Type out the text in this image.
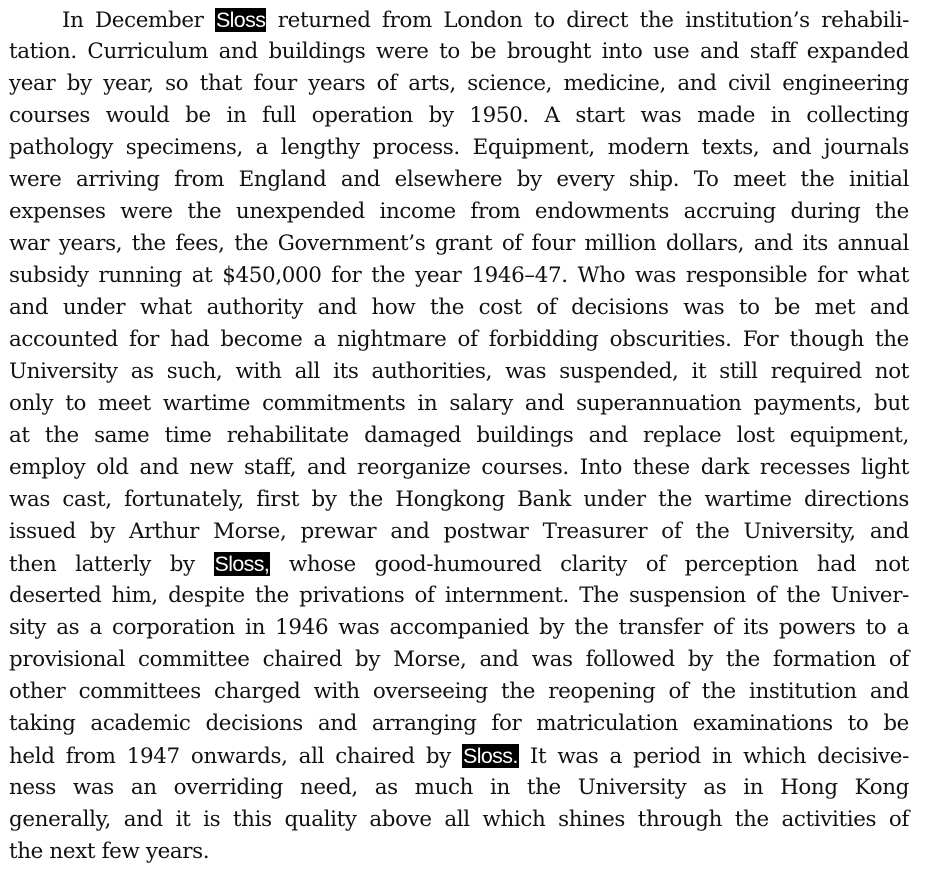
In December Sloss returned from London to direct the institution’s rehabili-
tation. Curriculum and buildings were to be brought into use and staff expanded
year by year, so that four years of arts, science, medicine, and civil engineering
courses would be in full operation by 1950. A start was made in collecting
pathology specimens, a lengthy process. Equipment, modern texts, and journals
were arriving from England and elsewhere by every ship. To meet the initial
expenses were the unexpended income from endowments accruing during the
war years, the fees, the Government’s grant of four million dollars, and its annual
subsidy running at $450,000 for the year 1946–47. Who was responsible for what
and under what authority and how the cost of decisions was to be met and
accounted for had become a nightmare of forbidding obscurities. For though the
University as such, with all its authorities, was suspended, it still required not
only to meet wartime commitments in salary and superannuation payments, but
at the same time rehabilitate damaged buildings and replace lost equipment,
employ old and new staff, and reorganize courses. Into these dark recesses light
was cast, fortunately, first by the Hongkong Bank under the wartime directions
issued by Arthur Morse, prewar and postwar Treasurer of the University, and
then latterly by Sloss, whose good-humoured clarity of perception had not
deserted him, despite the privations of internment. The suspension of the Univer-
sity as a corporation in 1946 was accompanied by the transfer of its powers to a
provisional committee chaired by Morse, and was followed by the formation of
other committees charged with overseeing the reopening of the institution and
taking academic decisions and arranging for matriculation examinations to be
held from 1947 onwards, all chaired by Sloss. It was a period in which decisive-
ness was an overriding need, as much in the University as in Hong Kong
generally, and it is this quality above all which shines through the activities of
the next few years.
